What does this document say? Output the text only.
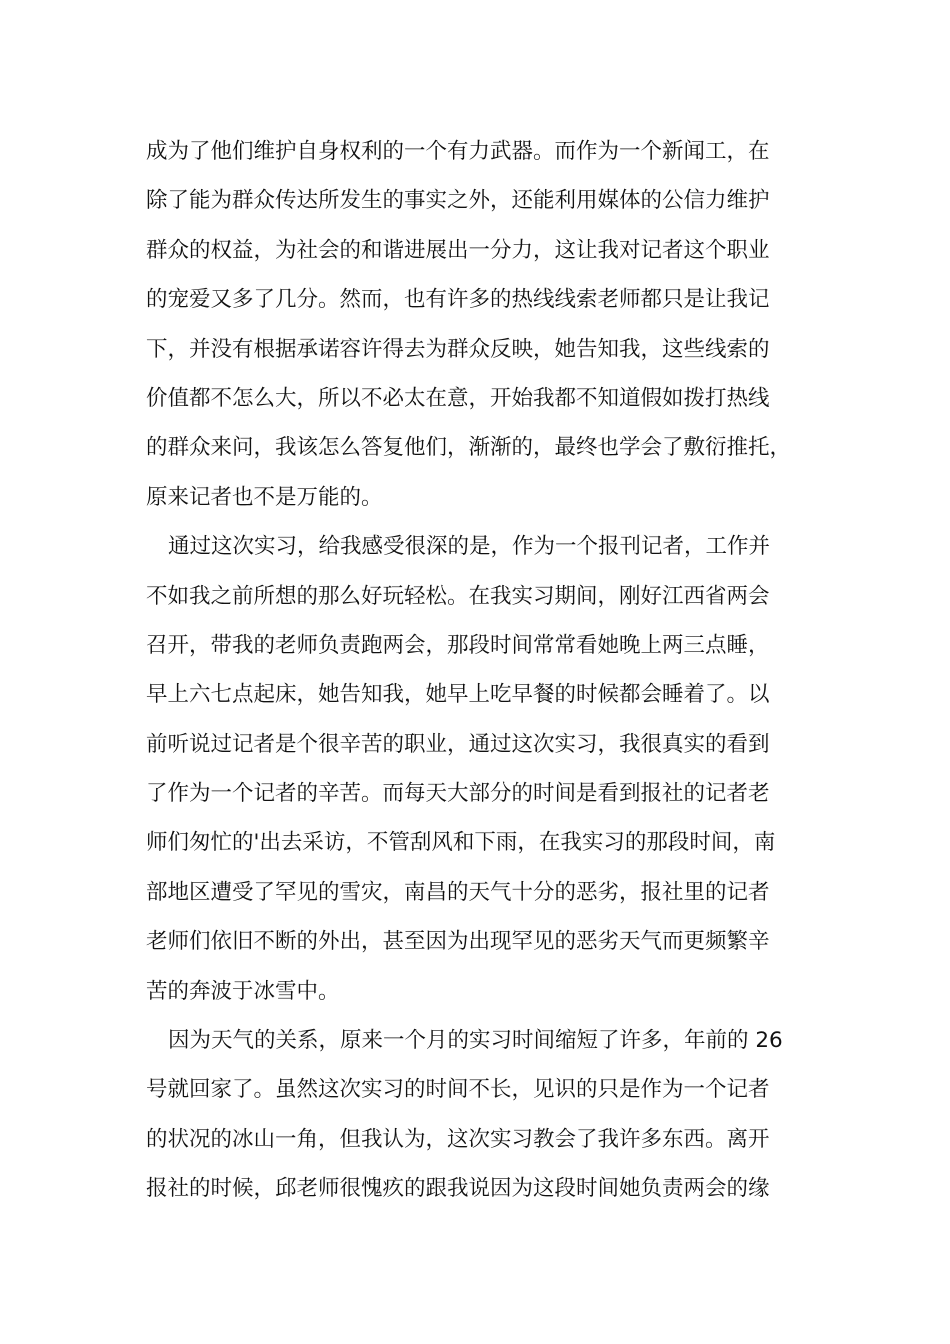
成为了他们维护自身权利的一个有力武器。而作为一个新闻工，在
除了能为群众传达所发生的事实之外，还能利用媒体的公信力维护
群众的权益，为社会的和谐进展出一分力，这让我对记者这个职业
的宠爱又多了几分。然而，也有许多的热线线索老师都只是让我记
下，并没有根据承诺容许得去为群众反映，她告知我，这些线索的
价值都不怎么大，所以不必太在意，开始我都不知道假如拨打热线
的群众来问，我该怎么答复他们，渐渐的，最终也学会了敷衍推托，
原来记者也不是万能的。
通过这次实习，给我感受很深的是，作为一个报刊记者，工作并
不如我之前所想的那么好玩轻松。在我实习期间，刚好江西省两会
召开，带我的老师负责跑两会，那段时间常常看她晚上两三点睡，
早上六七点起床，她告知我，她早上吃早餐的时候都会睡着了。以
前听说过记者是个很辛苦的职业，通过这次实习，我很真实的看到
了作为一个记者的辛苦。而每天大部分的时间是看到报社的记者老
师们匆忙的'出去采访，不管刮风和下雨，在我实习的那段时间，南
部地区遭受了罕见的雪灾，南昌的天气十分的恶劣，报社里的记者
老师们依旧不断的外出，甚至因为出现罕见的恶劣天气而更频繁辛
苦的奔波于冰雪中。
因为天气的关系，原来一个月的实习时间缩短了许多，年前的 26
号就回家了。虽然这次实习的时间不长，见识的只是作为一个记者
的状况的冰山一角，但我认为，这次实习教会了我许多东西。离开
报社的时候，邱老师很愧疚的跟我说因为这段时间她负责两会的缘
